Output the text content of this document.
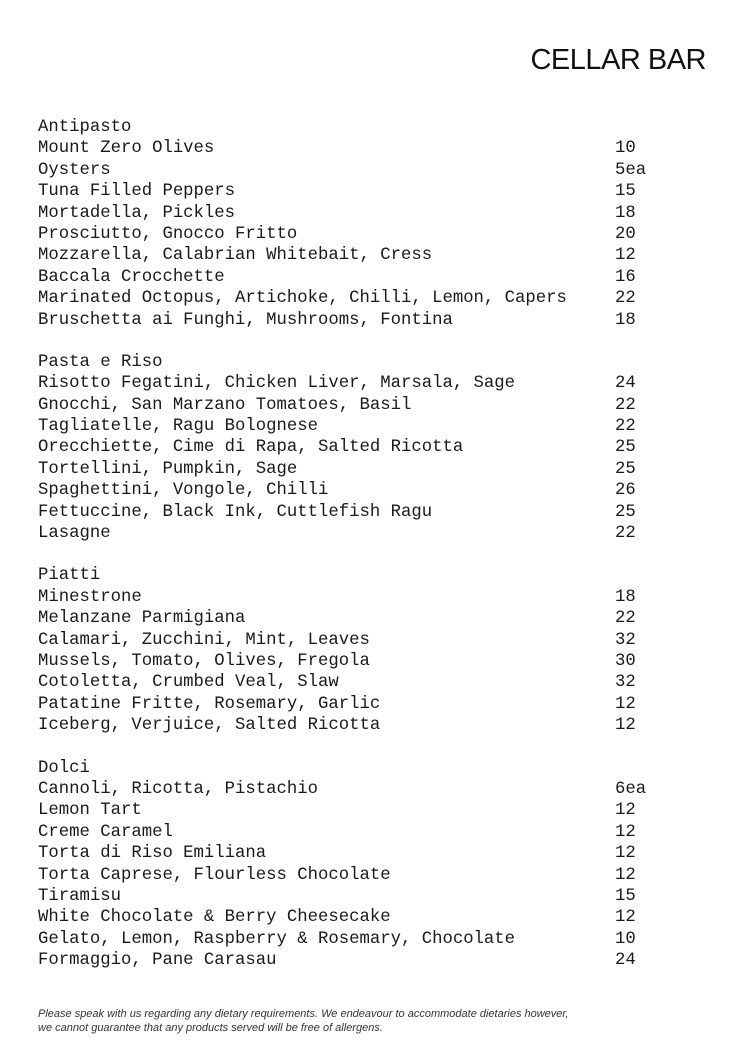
CELLAR BAR
Antipasto
Mount Zero Olives	10
Oysters	5ea
Tuna Filled Peppers	15
Mortadella, Pickles	18
Prosciutto, Gnocco Fritto	20
Mozzarella, Calabrian Whitebait, Cress	12
Baccala Crocchette	16
Marinated Octopus, Artichoke, Chilli, Lemon, Capers	22
Bruschetta ai Funghi, Mushrooms, Fontina	18
Pasta e Riso
Risotto Fegatini, Chicken Liver, Marsala, Sage	24
Gnocchi, San Marzano Tomatoes, Basil	22
Tagliatelle, Ragu Bolognese	22
Orecchiette, Cime di Rapa, Salted Ricotta	25
Tortellini, Pumpkin, Sage	25
Spaghettini, Vongole, Chilli	26
Fettuccine, Black Ink, Cuttlefish Ragu	25
Lasagne	22
Piatti
Minestrone	18
Melanzane Parmigiana	22
Calamari, Zucchini, Mint, Leaves	32
Mussels, Tomato, Olives, Fregola	30
Cotoletta, Crumbed Veal, Slaw	32
Patatine Fritte, Rosemary, Garlic	12
Iceberg, Verjuice, Salted Ricotta	12
Dolci
Cannoli, Ricotta, Pistachio	6ea
Lemon Tart	12
Creme Caramel	12
Torta di Riso Emiliana	12
Torta Caprese, Flourless Chocolate	12
Tiramisu	15
White Chocolate & Berry Cheesecake	12
Gelato, Lemon, Raspberry & Rosemary, Chocolate	10
Formaggio, Pane Carasau	24
Please speak with us regarding any dietary requirements. We endeavour to accommodate dietaries however,
we cannot guarantee that any products served will be free of allergens.
